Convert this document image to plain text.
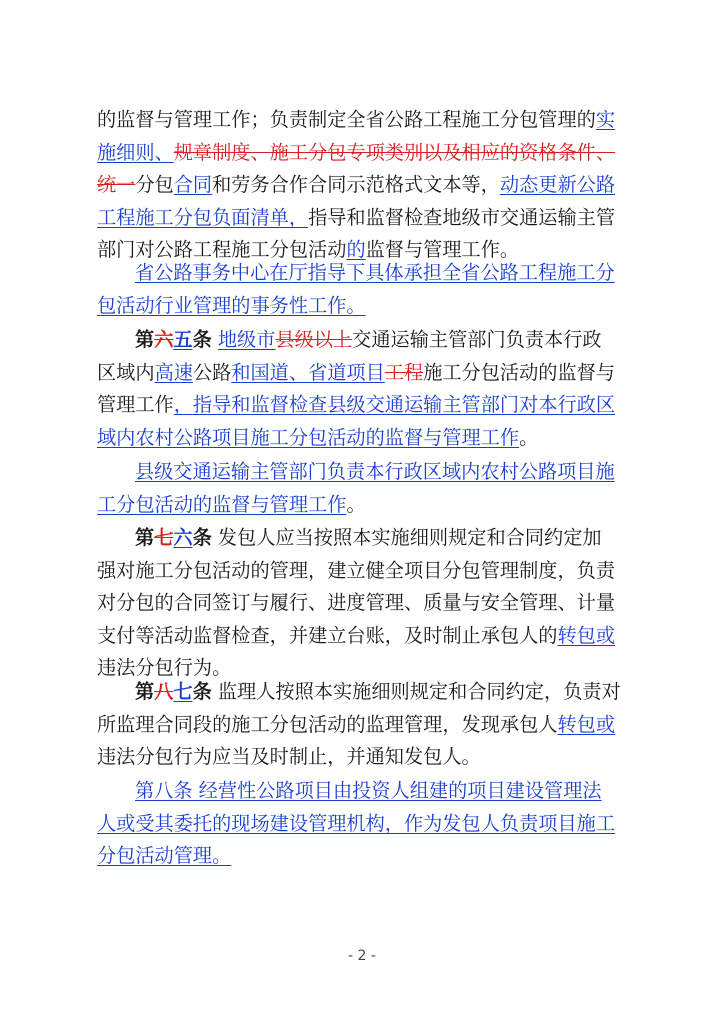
的监督与管理工作；负责制定全省公路工程施工分包管理的实
施细则、规章制度、施工分包专项类别以及相应的资格条件、
统一分包合同和劳务合作合同示范格式文本等，动态更新公路
工程施工分包负面清单，指导和监督检查地级市交通运输主管
部门对公路工程施工分包活动的监督与管理工作。
省公路事务中心在厅指导下具体承担全省公路工程施工分
包活动行业管理的事务性工作。
第六五条 地级市县级以上交通运输主管部门负责本行政
区域内高速公路和国道、省道项目工程施工分包活动的监督与
管理工作，指导和监督检查县级交通运输主管部门对本行政区
域内农村公路项目施工分包活动的监督与管理工作。
县级交通运输主管部门负责本行政区域内农村公路项目施
工分包活动的监督与管理工作。
第七六条 发包人应当按照本实施细则规定和合同约定加
强对施工分包活动的管理，建立健全项目分包管理制度，负责
对分包的合同签订与履行、进度管理、质量与安全管理、计量
支付等活动监督检查，并建立台账，及时制止承包人的转包或
违法分包行为。
第八七条 监理人按照本实施细则规定和合同约定，负责对
所监理合同段的施工分包活动的监理管理，发现承包人转包或
违法分包行为应当及时制止，并通知发包人。
第八条 经营性公路项目由投资人组建的项目建设管理法
人或受其委托的现场建设管理机构，作为发包人负责项目施工
分包活动管理。
- 2 -
